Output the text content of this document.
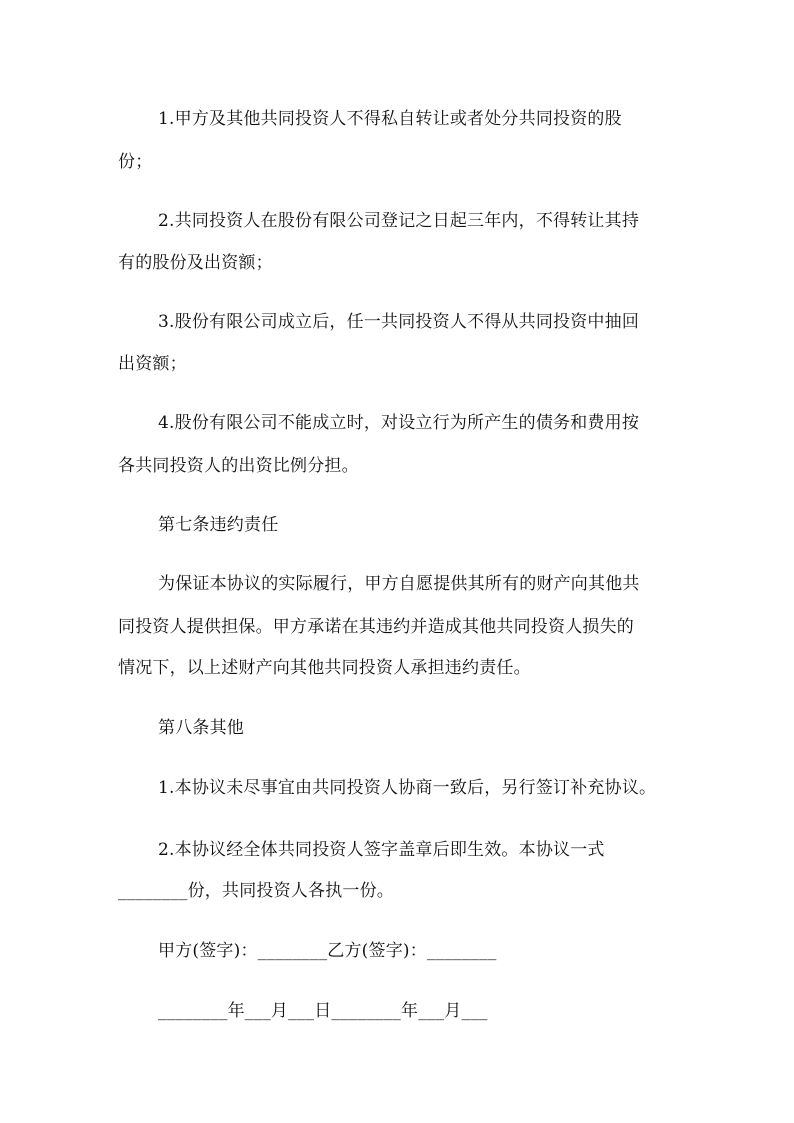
1.甲方及其他共同投资人不得私自转让或者处分共同投资的股
份；
2.共同投资人在股份有限公司登记之日起三年内，不得转让其持
有的股份及出资额；
3.股份有限公司成立后，任一共同投资人不得从共同投资中抽回
出资额；
4.股份有限公司不能成立时，对设立行为所产生的债务和费用按
各共同投资人的出资比例分担。
第七条违约责任
为保证本协议的实际履行，甲方自愿提供其所有的财产向其他共
同投资人提供担保。甲方承诺在其违约并造成其他共同投资人损失的
情况下，以上述财产向其他共同投资人承担违约责任。
第八条其他
1.本协议未尽事宜由共同投资人协商一致后，另行签订补充协议。
2.本协议经全体共同投资人签字盖章后即生效。本协议一式
________份，共同投资人各执一份。
甲方(签字)：________乙方(签字)：________
________年___月___日________年___月___
